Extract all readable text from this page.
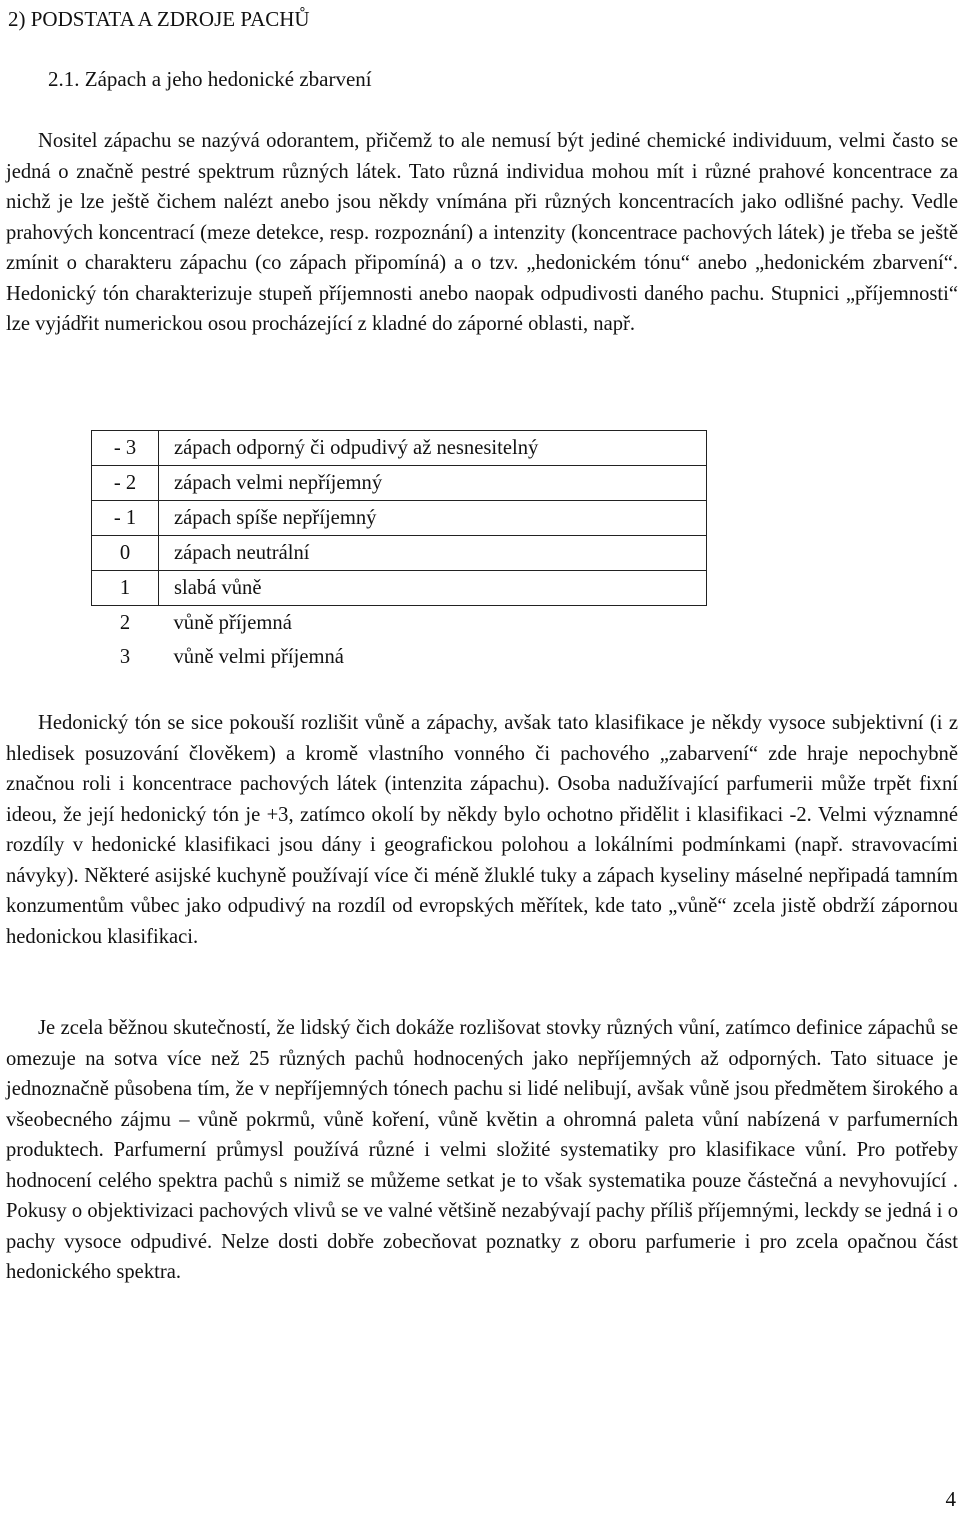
2) PODSTATA A ZDROJE PACHŮ
2.1. Zápach a jeho hedonické zbarvení

Nositel zápachu se nazývá odorantem, přičemž to ale nemusí být jediné chemické individuum, velmi často se jedná o značně pestré spektrum různých látek. Tato různá individua mohou mít i různé prahové koncentrace za nichž je lze ještě čichem nalézt anebo jsou někdy vnímána při různých koncentracích jako odlišné pachy. Vedle prahových koncentrací (meze detekce, resp. rozpoznání) a intenzity (koncentrace pachových látek) je třeba se ještě zmínit o charakteru zápachu (co zápach připomíná) a o tzv. „hedonickém tónu“ anebo „hedonickém zbarvení“. Hedonický tón charakterizuje stupeň příjemnosti anebo naopak odpudivosti daného pachu. Stupnici „příjemnosti“ lze vyjádřit numerickou osou procházející z kladné do záporné oblasti, např.

- 3	zápach odporný či odpudivý až nesnesitelný
- 2	zápach velmi nepříjemný
- 1	zápach spíše nepříjemný
0	zápach neutrální
1	slabá vůně
2	vůně příjemná
3	vůně velmi příjemná

Hedonický tón se sice pokouší rozlišit vůně a zápachy, avšak tato klasifikace je někdy vysoce subjektivní (i z hledisek posuzování člověkem) a kromě vlastního vonného či pachového „zabarvení“ zde hraje nepochybně značnou roli i koncentrace pachových látek (intenzita zápachu). Osoba nadužívající parfumerii může trpět fixní ideou, že její hedonický tón je +3, zatímco okolí by někdy bylo ochotno přidělit i klasifikaci -2. Velmi významné rozdíly v hedonické klasifikaci jsou dány i geografickou polohou a lokálními podmínkami (např. stravovacími návyky). Některé asijské kuchyně používají více či méně žluklé tuky a zápach kyseliny máselné nepřipadá tamním konzumentům vůbec jako odpudivý na rozdíl od evropských měřítek, kde tato „vůně“ zcela jistě obdrží zápornou hedonickou klasifikaci.

Je zcela běžnou skutečností, že lidský čich dokáže rozlišovat stovky různých vůní, zatímco definice zápachů se omezuje na sotva více než 25 různých pachů hodnocených jako nepříjemných až odporných. Tato situace je jednoznačně působena tím, že v nepříjemných tónech pachu si lidé nelibují, avšak vůně jsou předmětem širokého a všeobecného zájmu – vůně pokrmů, vůně koření, vůně květin a ohromná paleta vůní nabízená v parfumerních produktech. Parfumerní průmysl používá různé i velmi složité systematiky pro klasifikace vůní. Pro potřeby hodnocení celého spektra pachů s nimiž se můžeme setkat je to však systematika pouze částečná a nevyhovující . Pokusy o objektivizaci pachových vlivů se ve valné většině nezabývají pachy příliš příjemnými, leckdy se jedná i o pachy vysoce odpudivé. Nelze dosti dobře zobecňovat poznatky z oboru parfumerie i pro zcela opačnou část hedonického spektra.

4
